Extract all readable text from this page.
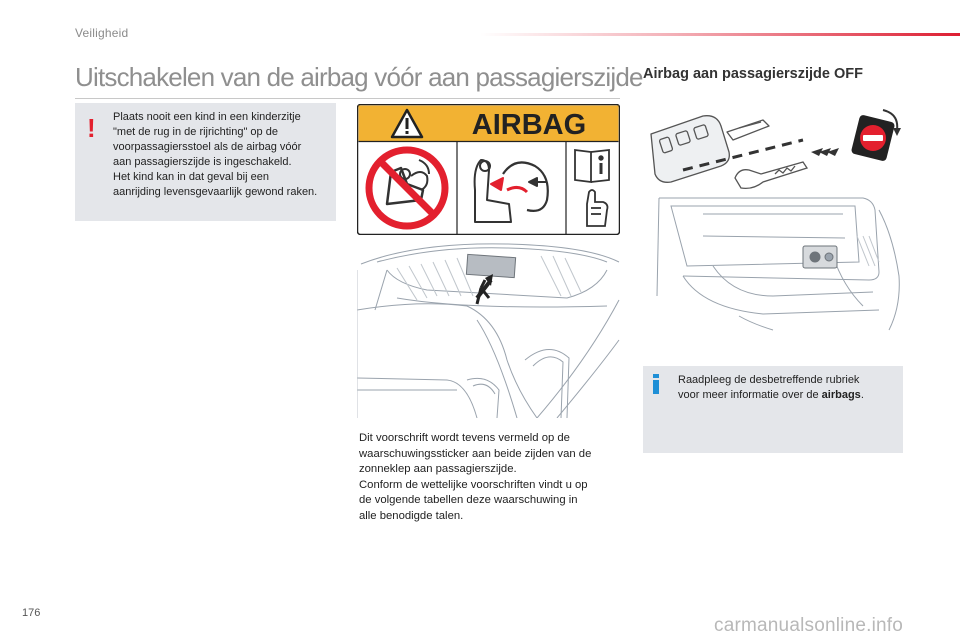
Veiligheid
Uitschakelen van de airbag vóór aan passagierszijde
! Plaats nooit een kind in een kinderzitje
"met de rug in de rijrichting" op de
voorpassagiersstoel als de airbag vóór
aan passagierszijde is ingeschakeld.
Het kind kan in dat geval bij een
aanrijding levensgevaarlijk gewond raken.
AIRBAG
Dit voorschrift wordt tevens vermeld op de
waarschuwingssticker aan beide zijden van de
zonneklep aan passagierszijde.
Conform de wettelijke voorschriften vindt u op
de volgende tabellen deze waarschuwing in
alle benodigde talen.
Airbag aan passagierszijde OFF
Raadpleeg de desbetreffende rubriek
voor meer informatie over de airbags.
176
carmanualsonline.info
